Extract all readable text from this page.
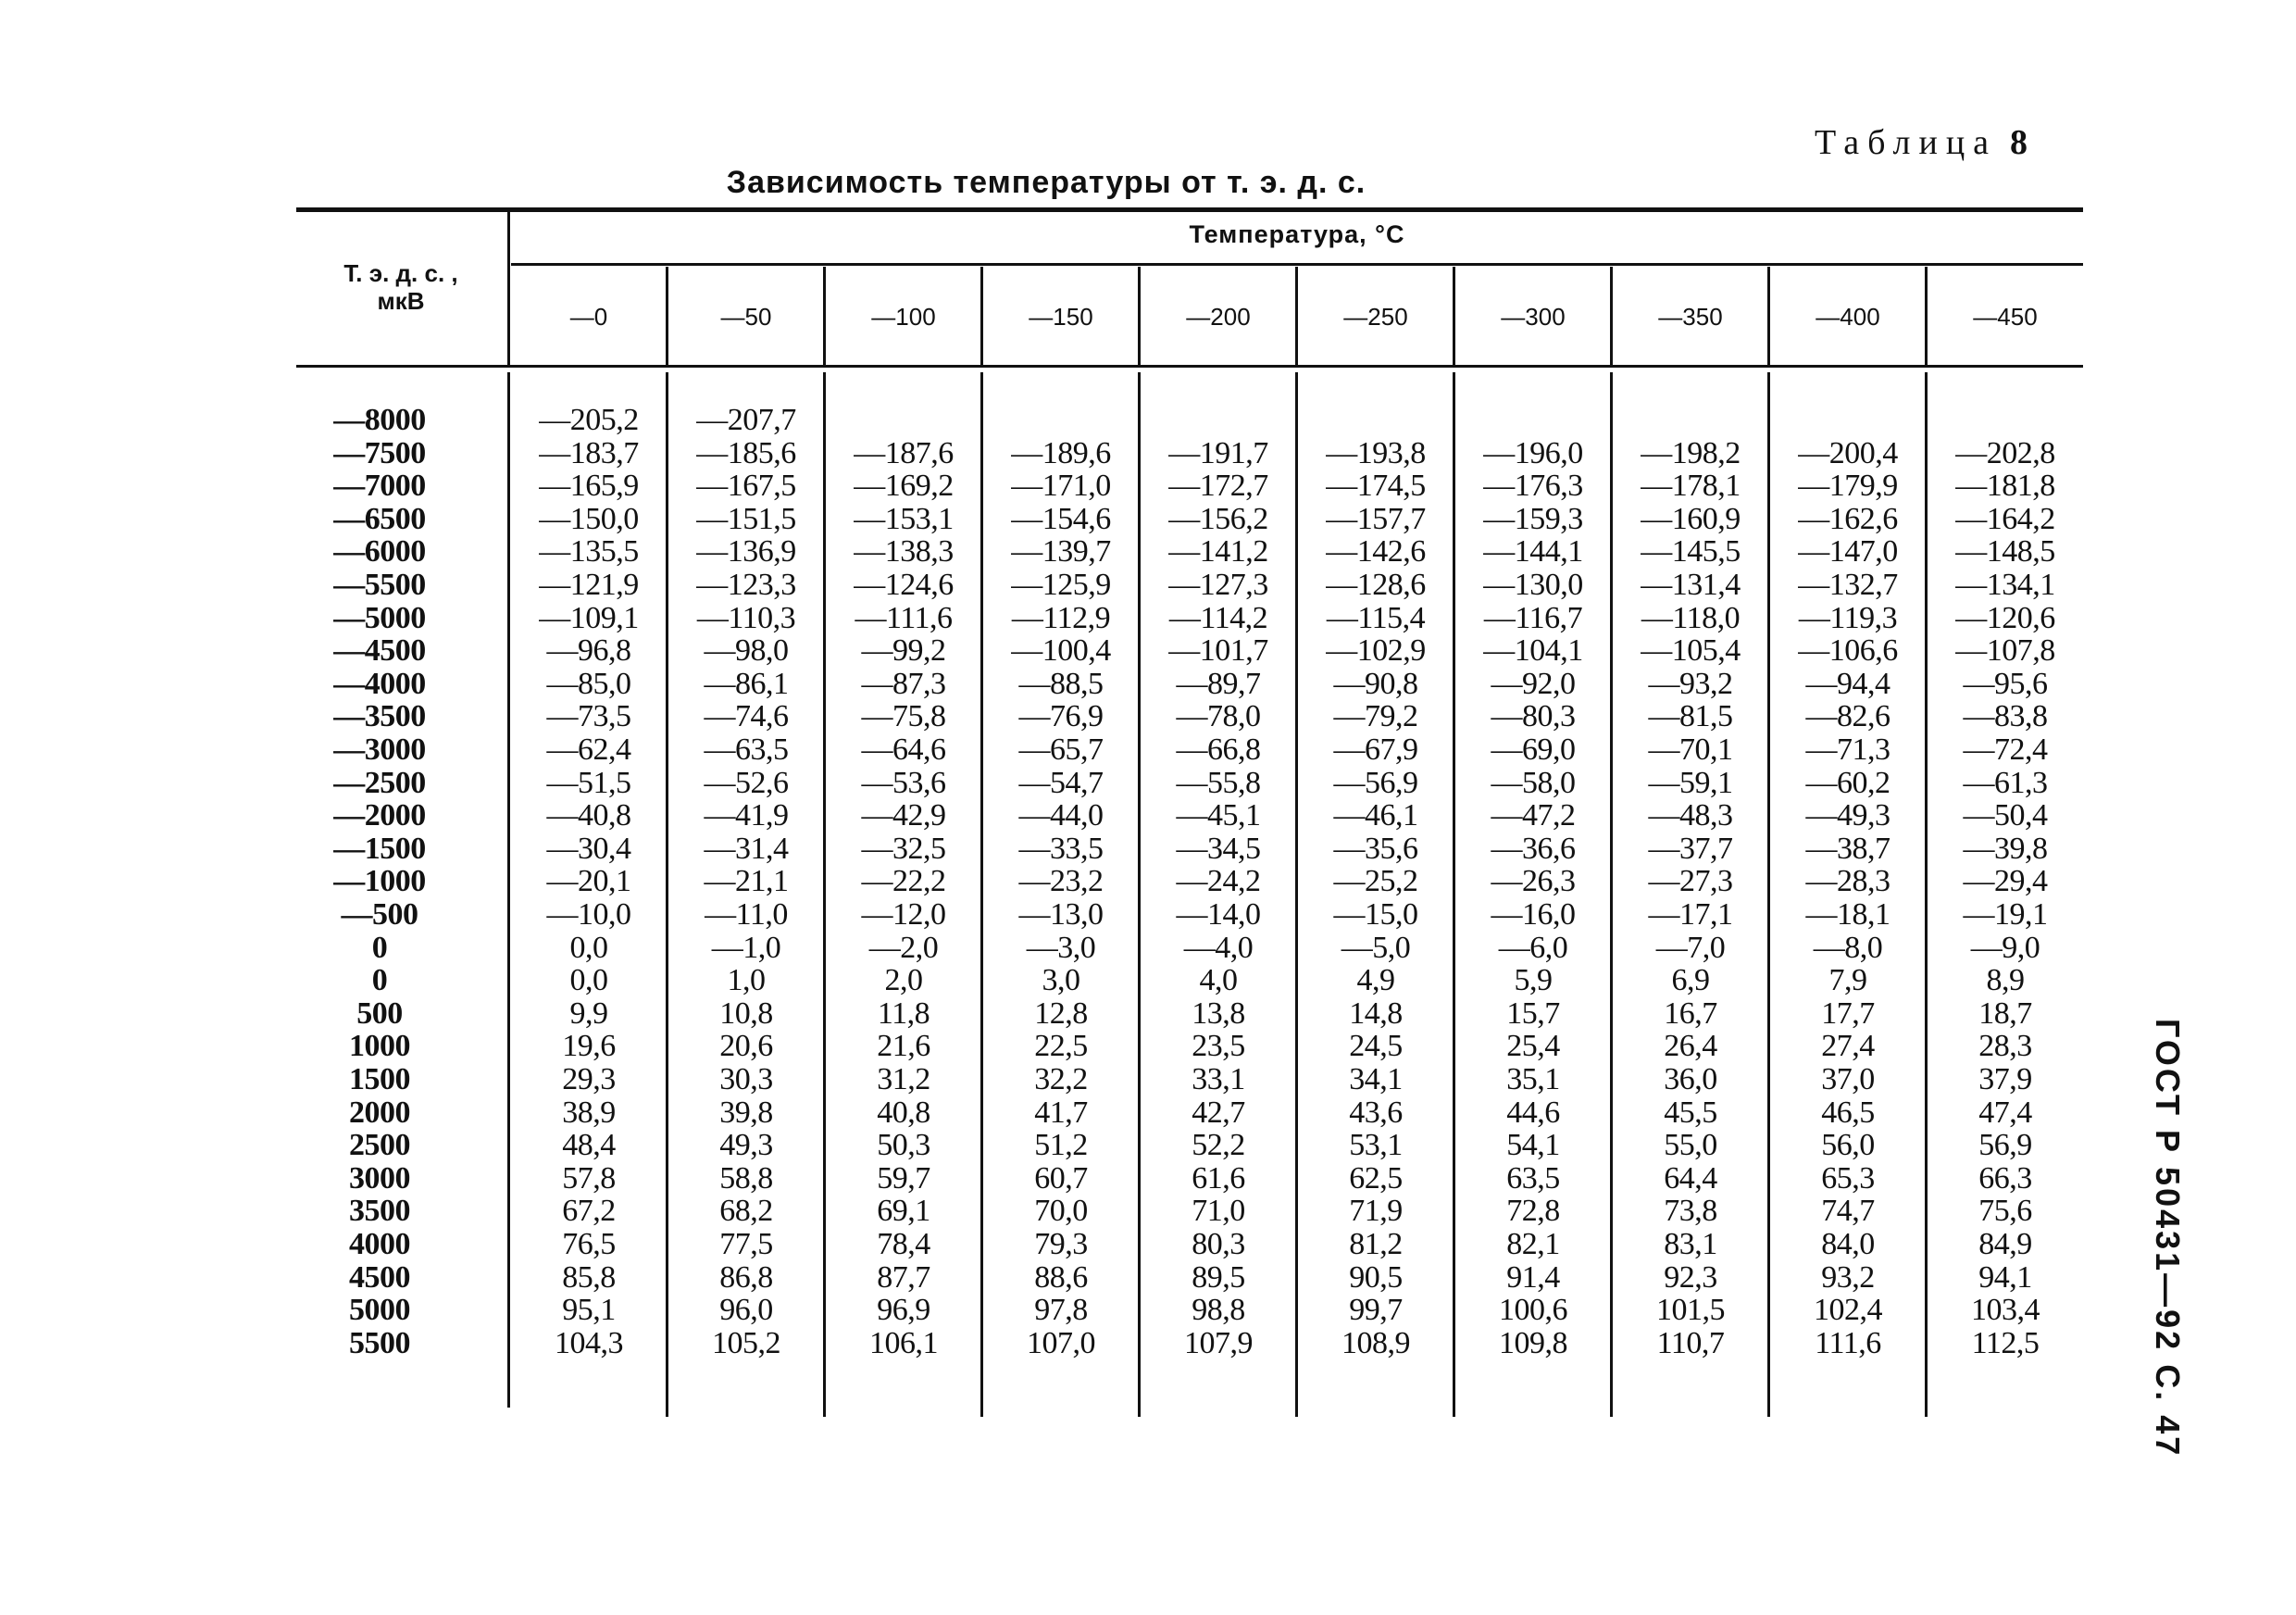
Таблица 8
Зависимость температуры от т. э. д. с.
Т. э. д. с. ,
мкВ
Температура, °С
—0	—50	—100	—150	—200	—250	—300	—350	—400	—450
—8000	—205,2	—207,7
—7500	—183,7	—185,6	—187,6	—189,6	—191,7	—193,8	—196,0	—198,2	—200,4	—202,8
—7000	—165,9	—167,5	—169,2	—171,0	—172,7	—174,5	—176,3	—178,1	—179,9	—181,8
—6500	—150,0	—151,5	—153,1	—154,6	—156,2	—157,7	—159,3	—160,9	—162,6	—164,2
—6000	—135,5	—136,9	—138,3	—139,7	—141,2	—142,6	—144,1	—145,5	—147,0	—148,5
—5500	—121,9	—123,3	—124,6	—125,9	—127,3	—128,6	—130,0	—131,4	—132,7	—134,1
—5000	—109,1	—110,3	—111,6	—112,9	—114,2	—115,4	—116,7	—118,0	—119,3	—120,6
—4500	—96,8	—98,0	—99,2	—100,4	—101,7	—102,9	—104,1	—105,4	—106,6	—107,8
—4000	—85,0	—86,1	—87,3	—88,5	—89,7	—90,8	—92,0	—93,2	—94,4	—95,6
—3500	—73,5	—74,6	—75,8	—76,9	—78,0	—79,2	—80,3	—81,5	—82,6	—83,8
—3000	—62,4	—63,5	—64,6	—65,7	—66,8	—67,9	—69,0	—70,1	—71,3	—72,4
—2500	—51,5	—52,6	—53,6	—54,7	—55,8	—56,9	—58,0	—59,1	—60,2	—61,3
—2000	—40,8	—41,9	—42,9	—44,0	—45,1	—46,1	—47,2	—48,3	—49,3	—50,4
—1500	—30,4	—31,4	—32,5	—33,5	—34,5	—35,6	—36,6	—37,7	—38,7	—39,8
—1000	—20,1	—21,1	—22,2	—23,2	—24,2	—25,2	—26,3	—27,3	—28,3	—29,4
—500	—10,0	—11,0	—12,0	—13,0	—14,0	—15,0	—16,0	—17,1	—18,1	—19,1
0	0,0	—1,0	—2,0	—3,0	—4,0	—5,0	—6,0	—7,0	—8,0	—9,0
0	0,0	1,0	2,0	3,0	4,0	4,9	5,9	6,9	7,9	8,9
500	9,9	10,8	11,8	12,8	13,8	14,8	15,7	16,7	17,7	18,7
1000	19,6	20,6	21,6	22,5	23,5	24,5	25,4	26,4	27,4	28,3
1500	29,3	30,3	31,2	32,2	33,1	34,1	35,1	36,0	37,0	37,9
2000	38,9	39,8	40,8	41,7	42,7	43,6	44,6	45,5	46,5	47,4
2500	48,4	49,3	50,3	51,2	52,2	53,1	54,1	55,0	56,0	56,9
3000	57,8	58,8	59,7	60,7	61,6	62,5	63,5	64,4	65,3	66,3
3500	67,2	68,2	69,1	70,0	71,0	71,9	72,8	73,8	74,7	75,6
4000	76,5	77,5	78,4	79,3	80,3	81,2	82,1	83,1	84,0	84,9
4500	85,8	86,8	87,7	88,6	89,5	90,5	91,4	92,3	93,2	94,1
5000	95,1	96,0	96,9	97,8	98,8	99,7	100,6	101,5	102,4	103,4
5500	104,3	105,2	106,1	107,0	107,9	108,9	109,8	110,7	111,6	112,5	ГОСТ Р 50431—92 С. 47
